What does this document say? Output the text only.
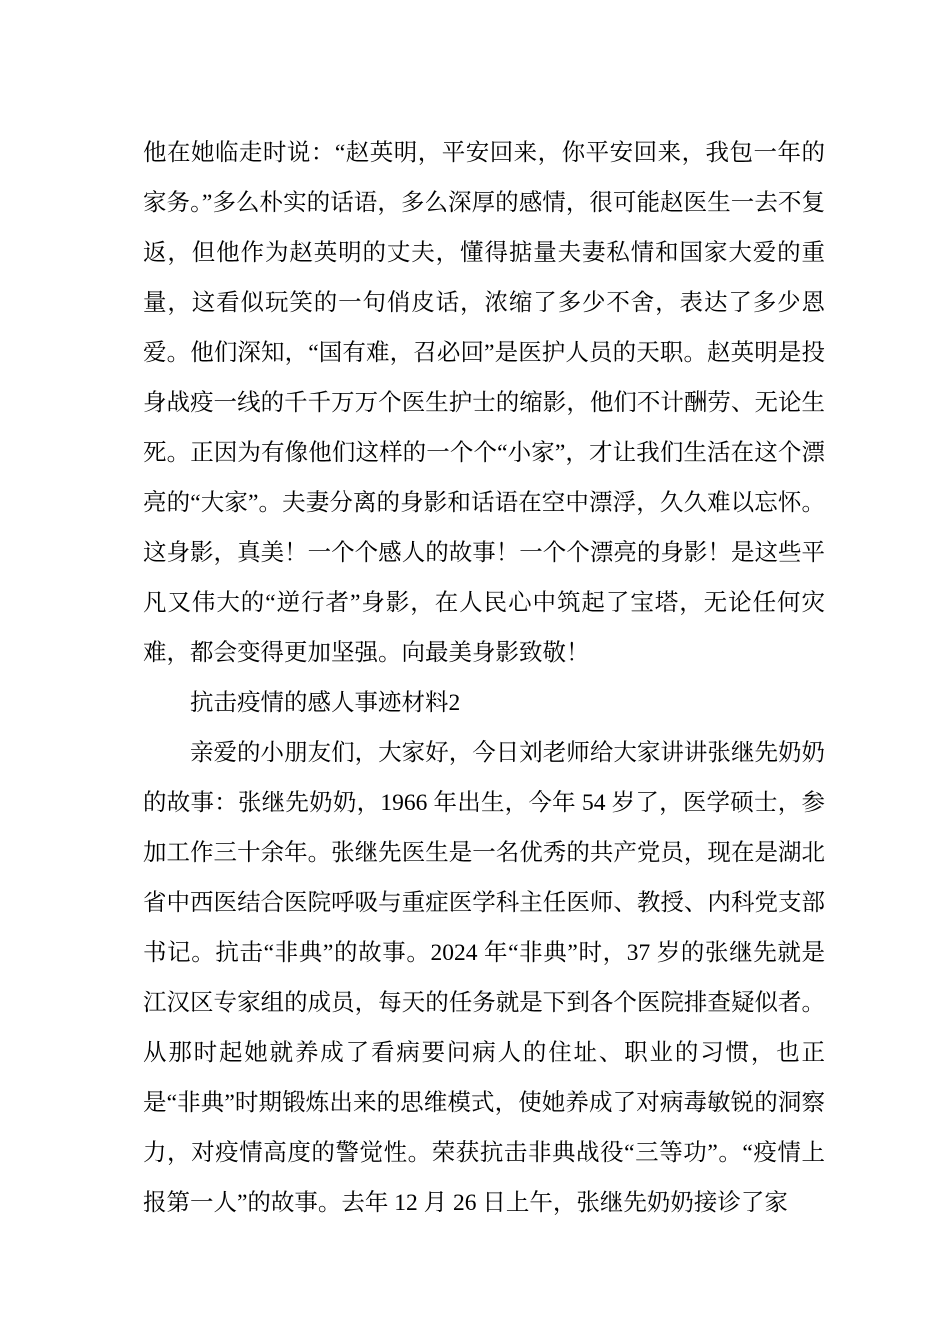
他在她临走时说：“赵英明，平安回来，你平安回来，我包一年的家务。”多么朴实的话语，多么深厚的感情，很可能赵医生一去不复返，但他作为赵英明的丈夫，懂得掂量夫妻私情和国家大爱的重量，这看似玩笑的一句俏皮话，浓缩了多少不舍，表达了多少恩爱。他们深知，“国有难，召必回”是医护人员的天职。赵英明是投身战疫一线的千千万万个医生护士的缩影，他们不计酬劳、无论生死。正因为有像他们这样的一个个“小家”，才让我们生活在这个漂亮的“大家”。夫妻分离的身影和话语在空中漂浮，久久难以忘怀。这身影，真美！一个个感人的故事！一个个漂亮的身影！是这些平凡又伟大的“逆行者”身影，在人民心中筑起了宝塔，无论任何灾难，都会变得更加坚强。向最美身影致敬！

抗击疫情的感人事迹材料2

亲爱的小朋友们，大家好，今日刘老师给大家讲讲张继先奶奶的故事：张继先奶奶，1966 年出生，今年 54 岁了，医学硕士，参加工作三十余年。张继先医生是一名优秀的共产党员，现在是湖北省中西医结合医院呼吸与重症医学科主任医师、教授、内科党支部书记。抗击“非典”的故事。2024 年“非典”时，37 岁的张继先就是江汉区专家组的成员，每天的任务就是下到各个医院排查疑似者。从那时起她就养成了看病要问病人的住址、职业的习惯，也正是“非典”时期锻炼出来的思维模式，使她养成了对病毒敏锐的洞察力，对疫情高度的警觉性。荣获抗击非典战役“三等功”。“疫情上报第一人”的故事。去年 12 月 26 日上午，张继先奶奶接诊了家
